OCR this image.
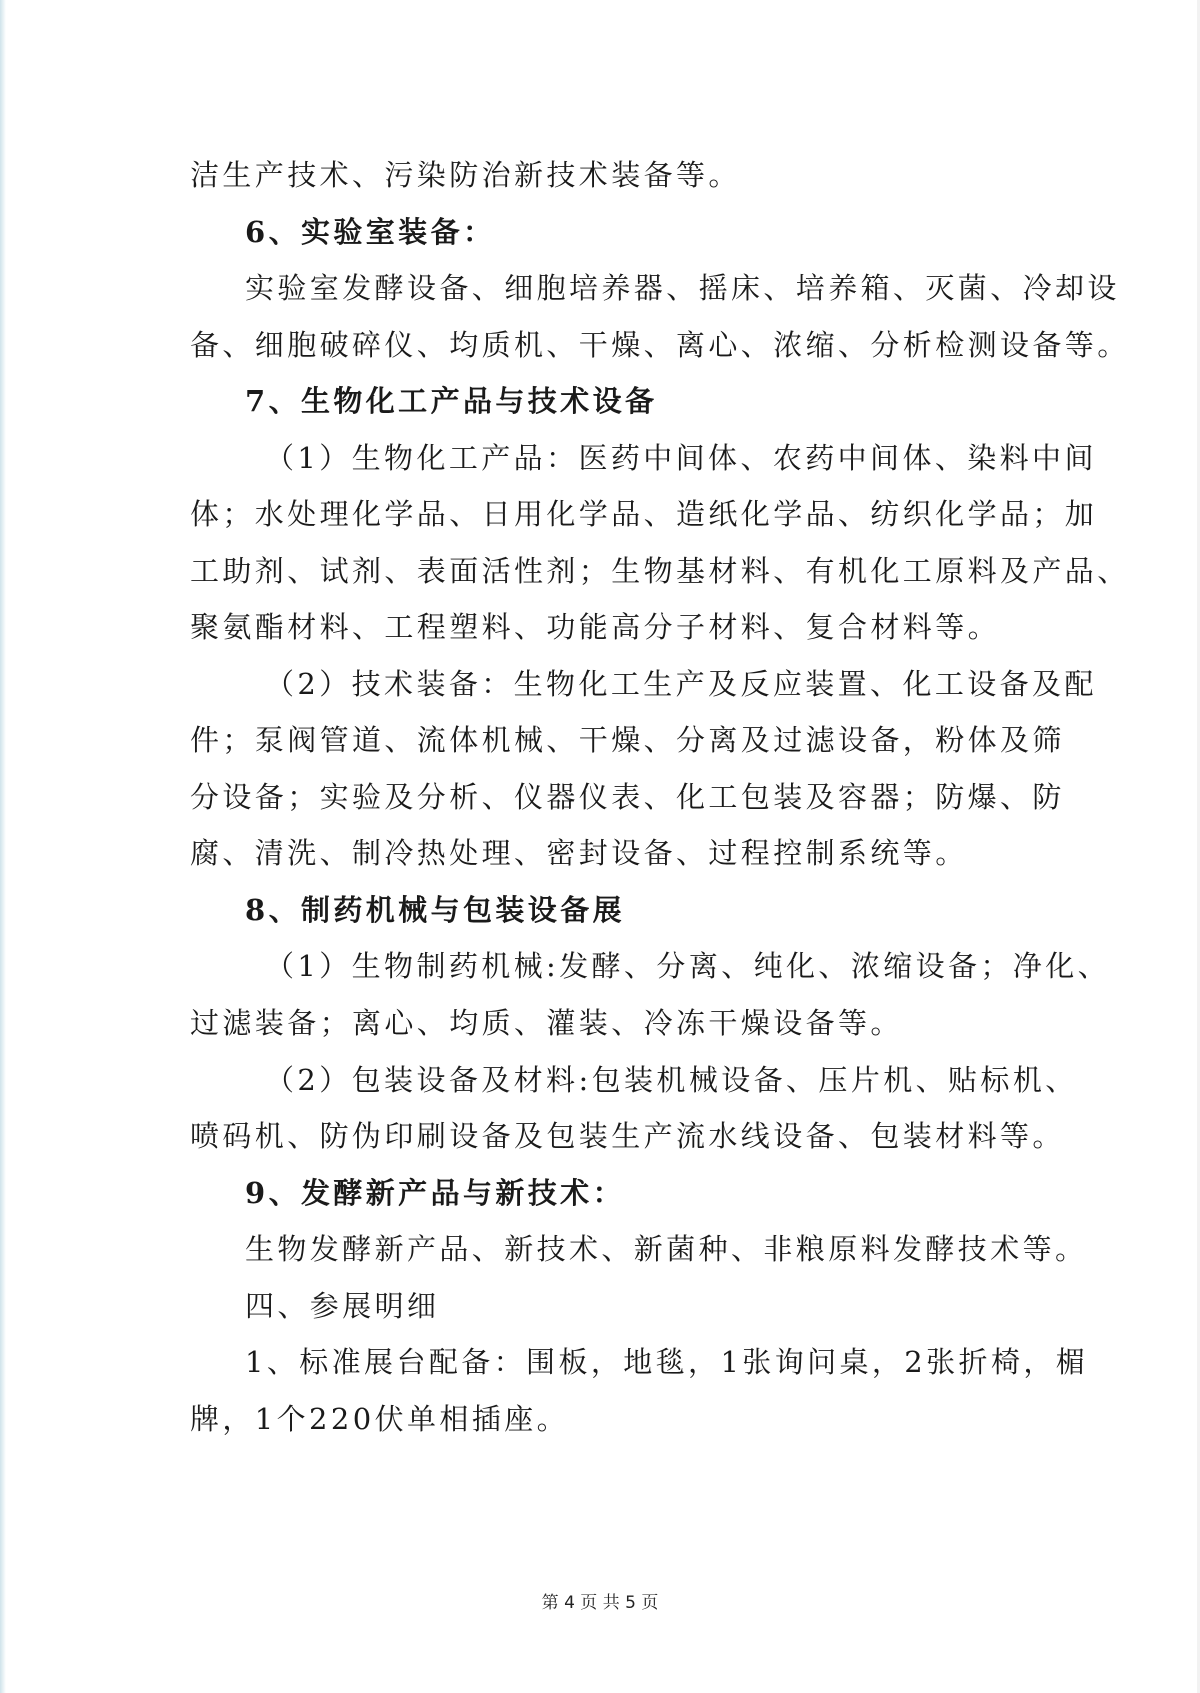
洁生产技术、污染防治新技术装备等。
6、实验室装备：
实验室发酵设备、细胞培养器、摇床、培养箱、灭菌、冷却设
备、细胞破碎仪、均质机、干燥、离心、浓缩、分析检测设备等。
7、生物化工产品与技术设备
（1）生物化工产品：医药中间体、农药中间体、染料中间
体；水处理化学品、日用化学品、造纸化学品、纺织化学品；加
工助剂、试剂、表面活性剂；生物基材料、有机化工原料及产品、
聚氨酯材料、工程塑料、功能高分子材料、复合材料等。
（2）技术装备：生物化工生产及反应装置、化工设备及配
件；泵阀管道、流体机械、干燥、分离及过滤设备，粉体及筛
分设备；实验及分析、仪器仪表、化工包装及容器；防爆、防
腐、清洗、制冷热处理、密封设备、过程控制系统等。
8、制药机械与包装设备展
（1）生物制药机械:发酵、分离、纯化、浓缩设备；净化、
过滤装备；离心、均质、灌装、冷冻干燥设备等。
（2）包装设备及材料:包装机械设备、压片机、贴标机、
喷码机、防伪印刷设备及包装生产流水线设备、包装材料等。
9、发酵新产品与新技术：
生物发酵新产品、新技术、新菌种、非粮原料发酵技术等。
四、参展明细
1、标准展台配备：围板，地毯，1张询问桌，2张折椅，楣
牌，1个220伏单相插座。
第 4 页 共 5 页
